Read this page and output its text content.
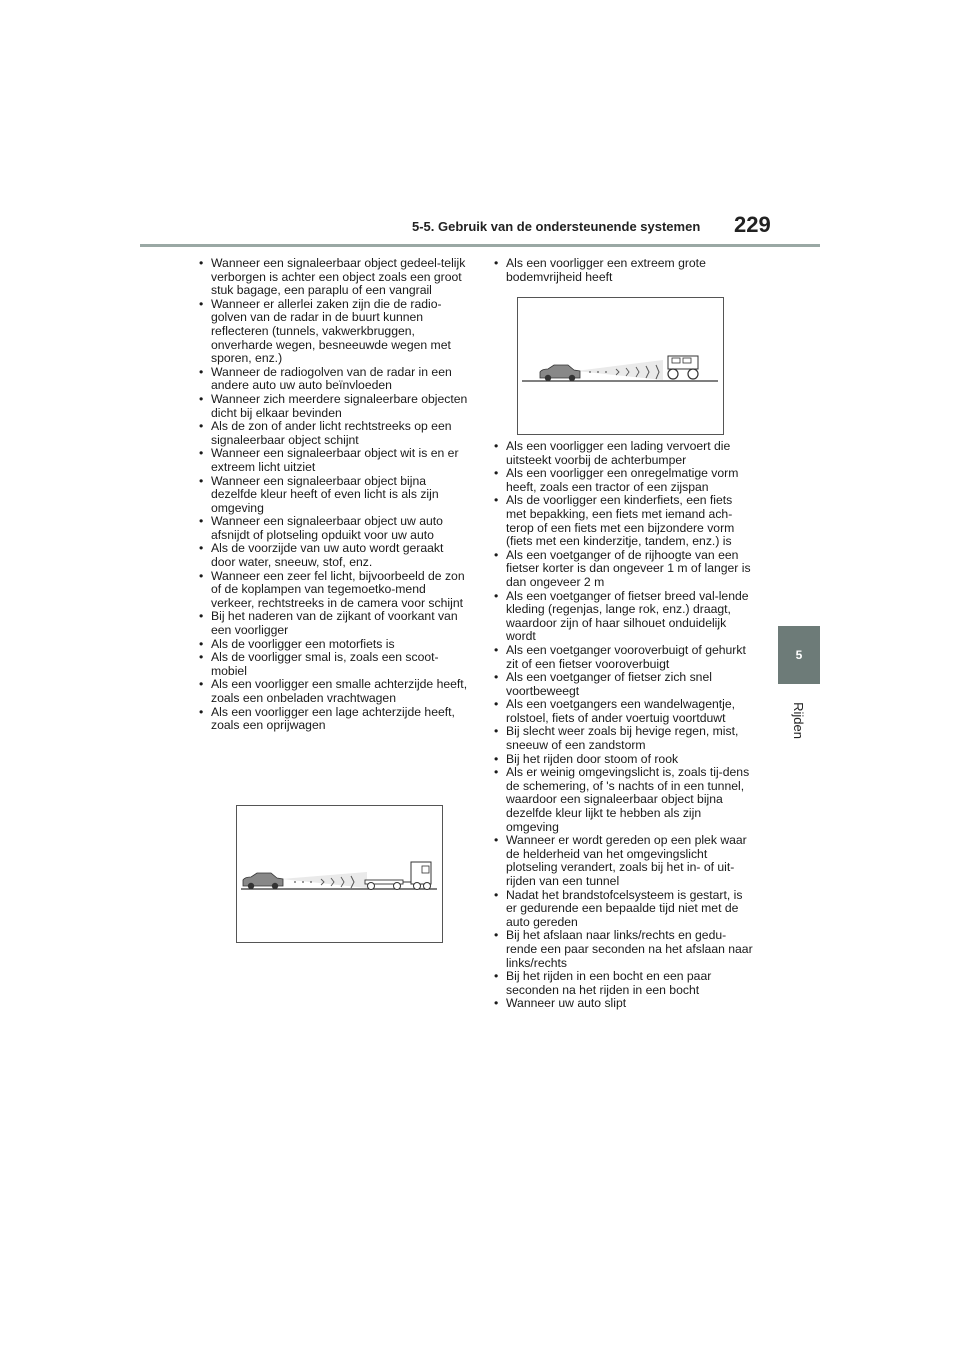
5-5. Gebruik van de ondersteunende systemen 229
5
Rijden
• Wanneer een signaleerbaar object gedeel-telijk verborgen is achter een object zoals een groot stuk bagage, een paraplu of een vangrail
• Wanneer er allerlei zaken zijn die de radio-golven van de radar in de buurt kunnen reflecteren (tunnels, vakwerkbruggen, onverharde wegen, besneeuwde wegen met sporen, enz.)
• Wanneer de radiogolven van de radar in een andere auto uw auto beïnvloeden
• Wanneer zich meerdere signaleerbare objecten dicht bij elkaar bevinden
• Als de zon of ander licht rechtstreeks op een signaleerbaar object schijnt
• Wanneer een signaleerbaar object wit is en er extreem licht uitziet
• Wanneer een signaleerbaar object bijna dezelfde kleur heeft of even licht is als zijn omgeving
• Wanneer een signaleerbaar object uw auto afsnijdt of plotseling opduikt voor uw auto
• Als de voorzijde van uw auto wordt geraakt door water, sneeuw, stof, enz.
• Wanneer een zeer fel licht, bijvoorbeeld de zon of de koplampen van tegemoetko-mend verkeer, rechtstreeks in de camera voor schijnt
• Bij het naderen van de zijkant of voorkant van een voorligger
• Als de voorligger een motorfiets is
• Als de voorligger smal is, zoals een scoot-mobiel
• Als een voorligger een smalle achterzijde heeft, zoals een onbeladen vrachtwagen
• Als een voorligger een lage achterzijde heeft, zoals een oprijwagen
• Als een voorligger een extreem grote bodemvrijheid heeft
• Als een voorligger een lading vervoert die uitsteekt voorbij de achterbumper
• Als een voorligger een onregelmatige vorm heeft, zoals een tractor of een zijspan
• Als de voorligger een kinderfiets, een fiets met bepakking, een fiets met iemand ach-terop of een fiets met een bijzondere vorm (fiets met een kinderzitje, tandem, enz.) is
• Als een voetganger of de rijhoogte van een fietser korter is dan ongeveer 1 m of langer is dan ongeveer 2 m
• Als een voetganger of fietser breed val-lende kleding (regenjas, lange rok, enz.) draagt, waardoor zijn of haar silhouet onduidelijk wordt
• Als een voetganger vooroverbuigt of gehurkt zit of een fietser vooroverbuigt
• Als een voetganger of fietser zich snel voortbeweegt
• Als een voetgangers een wandelwagentje, rolstoel, fiets of ander voertuig voortduwt
• Bij slecht weer zoals bij hevige regen, mist, sneeuw of een zandstorm
• Bij het rijden door stoom of rook
• Als er weinig omgevingslicht is, zoals tij-dens de schemering, of 's nachts of in een tunnel, waardoor een signaleerbaar object bijna dezelfde kleur lijkt te hebben als zijn omgeving
• Wanneer er wordt gereden op een plek waar de helderheid van het omgevingslicht plotseling verandert, zoals bij het in- of uit-rijden van een tunnel
• Nadat het brandstofcelsysteem is gestart, is er gedurende een bepaalde tijd niet met de auto gereden
• Bij het afslaan naar links/rechts en gedu-rende een paar seconden na het afslaan naar links/rechts
• Bij het rijden in een bocht en een paar seconden na het rijden in een bocht
• Wanneer uw auto slipt
